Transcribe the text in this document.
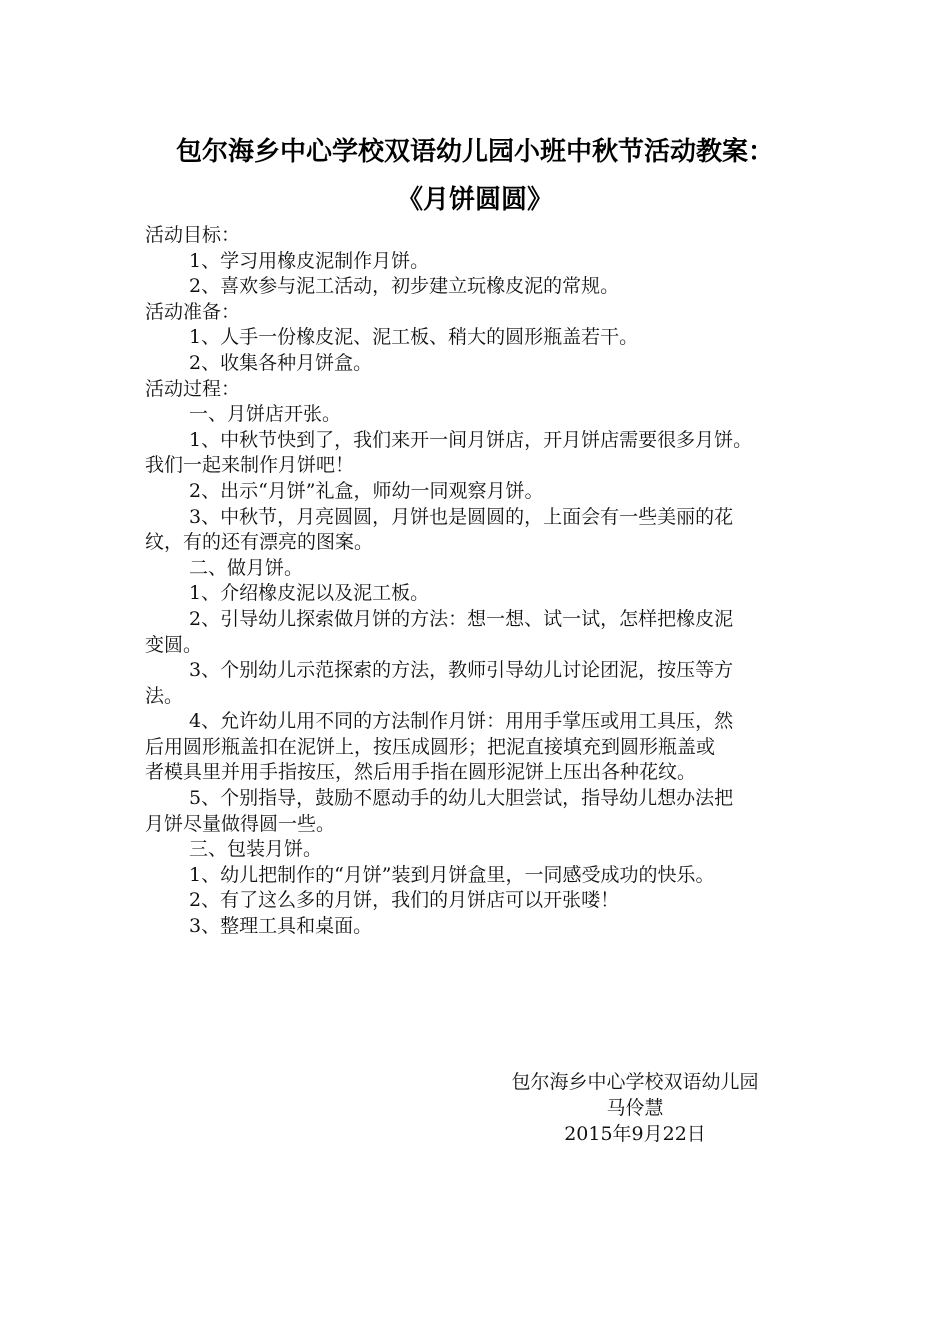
包尔海乡中心学校双语幼儿园小班中秋节活动教案：
《月饼圆圆》

活动目标：

1、学习用橡皮泥制作月饼。

2、喜欢参与泥工活动，初步建立玩橡皮泥的常规。

活动准备：

1、人手一份橡皮泥、泥工板、稍大的圆形瓶盖若干。

2、收集各种月饼盒。

活动过程：

一、月饼店开张。

1、中秋节快到了，我们来开一间月饼店，开月饼店需要很多月饼。

我们一起来制作月饼吧！

2、出示“月饼”礼盒，师幼一同观察月饼。

3、中秋节，月亮圆圆，月饼也是圆圆的，上面会有一些美丽的花

纹，有的还有漂亮的图案。

二、做月饼。

1、介绍橡皮泥以及泥工板。

2、引导幼儿探索做月饼的方法：想一想、试一试，怎样把橡皮泥

变圆。

3、个别幼儿示范探索的方法，教师引导幼儿讨论团泥，按压等方

法。

4、允许幼儿用不同的方法制作月饼：用用手掌压或用工具压，然

后用圆形瓶盖扣在泥饼上，按压成圆形；把泥直接填充到圆形瓶盖或

者模具里并用手指按压，然后用手指在圆形泥饼上压出各种花纹。

5、个别指导，鼓励不愿动手的幼儿大胆尝试，指导幼儿想办法把

月饼尽量做得圆一些。

三、包装月饼。

1、幼儿把制作的“月饼”装到月饼盒里，一同感受成功的快乐。

2、有了这么多的月饼，我们的月饼店可以开张喽！

3、整理工具和桌面。

包尔海乡中心学校双语幼儿园

马伶慧

2015年9月22日
